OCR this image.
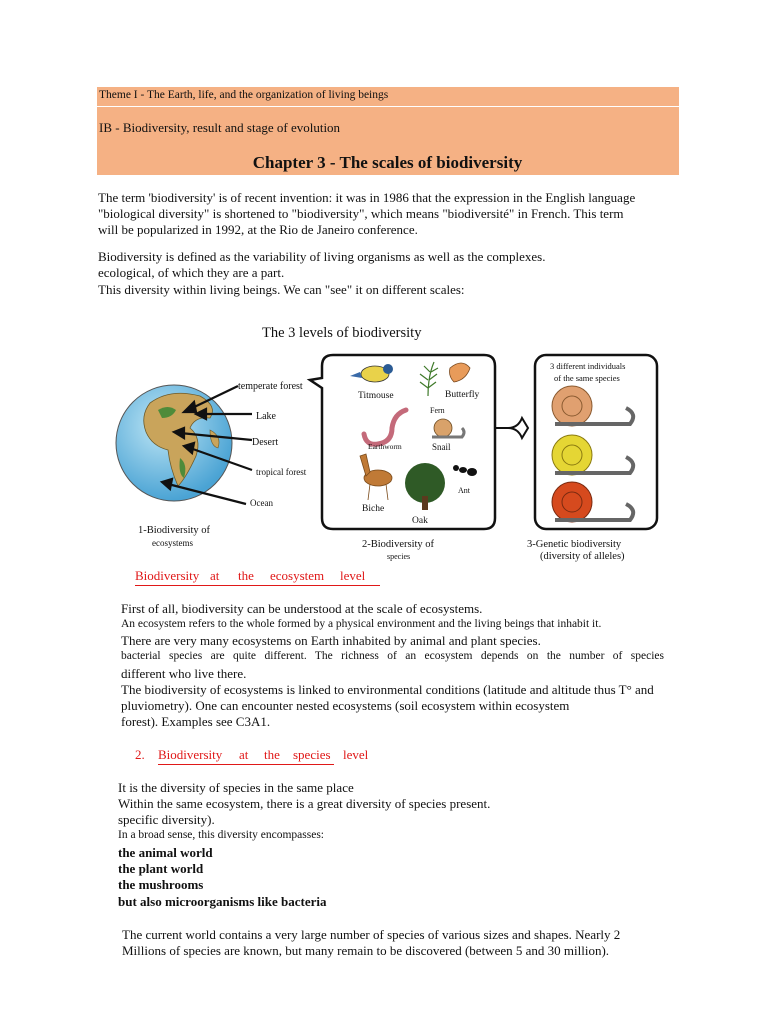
Theme I - The Earth, life, and the organization of living beings
IB - Biodiversity, result and stage of evolution
Chapter 3 - The scales of biodiversity
The term 'biodiversity' is of recent invention: it was in 1986 that the expression in the English language
"biological diversity" is shortened to "biodiversity", which means "biodiversité" in French. This term
will be popularized in 1992, at the Rio de Janeiro conference.
Biodiversity is defined as the variability of living organisms as well as the complexes.
ecological, of which they are a part.
This diversity within living beings. We can "see" it on different scales:
The 3 levels of biodiversity
temperate forest
Lake
Desert
tropical forest
Ocean
Titmouse	Butterfly
Fern
Earthworm	Snail
Ant
Biche
Oak
3 different individuals
of the same species
1-Biodiversity of
ecosystems	2-Biodiversity of
species
3-Genetic biodiversity
(diversity of alleles)
Biodiversity at the ecosystem level
First of all, biodiversity can be understood at the scale of ecosystems.
An ecosystem refers to the whole formed by a physical environment and the living beings that inhabit it.
There are very many ecosystems on Earth inhabited by animal and plant species.
bacterial species are quite different. The richness of an ecosystem depends on the number of species
different who live there.
The biodiversity of ecosystems is linked to environmental conditions (latitude and altitude thus T° and
pluviometry). One can encounter nested ecosystems (soil ecosystem within ecosystem
forest). Examples see C3A1.
2. Biodiversity at the species level
It is the diversity of species in the same place
Within the same ecosystem, there is a great diversity of species present.
specific diversity).
In a broad sense, this diversity encompasses:
the animal world
the plant world
the mushrooms
but also microorganisms like bacteria
The current world contains a very large number of species of various sizes and shapes. Nearly 2
Millions of species are known, but many remain to be discovered (between 5 and 30 million).
